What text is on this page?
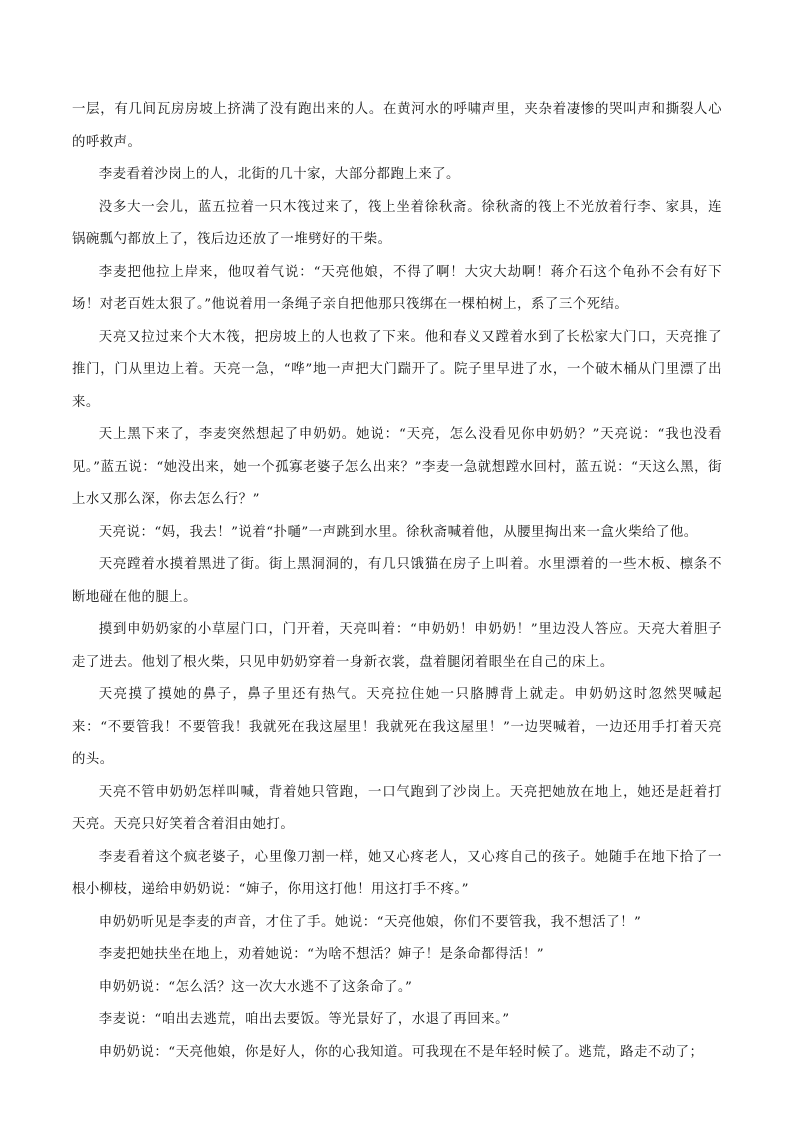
一层，有几间瓦房房坡上挤满了没有跑出来的人。在黄河水的呼啸声里，夹杂着凄惨的哭叫声和撕裂人心的呼救声。

李麦看着沙岗上的人，北街的几十家，大部分都跑上来了。

没多大一会儿，蓝五拉着一只木筏过来了，筏上坐着徐秋斋。徐秋斋的筏上不光放着行李、家具，连锅碗瓢勺都放上了，筏后边还放了一堆劈好的干柴。

李麦把他拉上岸来，他叹着气说：“天亮他娘，不得了啊！大灾大劫啊！蒋介石这个龟孙不会有好下场！对老百姓太狠了。”他说着用一条绳子亲自把他那只筏绑在一棵柏树上，系了三个死结。

天亮又拉过来个大木筏，把房坡上的人也救了下来。他和春义又蹚着水到了长松家大门口，天亮推了推门，门从里边上着。天亮一急，“哗”地一声把大门踹开了。院子里早进了水，一个破木桶从门里漂了出来。

天上黑下来了，李麦突然想起了申奶奶。她说：“天亮，怎么没看见你申奶奶？”天亮说：“我也没看见。”蓝五说：“她没出来，她一个孤寡老婆子怎么出来？”李麦一急就想蹚水回村，蓝五说：“天这么黑，街上水又那么深，你去怎么行？”

天亮说：“妈，我去！”说着“扑嗵”一声跳到水里。徐秋斋喊着他，从腰里掏出来一盒火柴给了他。

天亮蹚着水摸着黑进了街。街上黑洞洞的，有几只饿猫在房子上叫着。水里漂着的一些木板、檩条不断地碰在他的腿上。

摸到申奶奶家的小草屋门口，门开着，天亮叫着：“申奶奶！申奶奶！”里边没人答应。天亮大着胆子走了进去。他划了根火柴，只见申奶奶穿着一身新衣裳，盘着腿闭着眼坐在自己的床上。

天亮摸了摸她的鼻子，鼻子里还有热气。天亮拉住她一只胳膊背上就走。申奶奶这时忽然哭喊起来：“不要管我！不要管我！我就死在我这屋里！我就死在我这屋里！”一边哭喊着，一边还用手打着天亮的头。

天亮不管申奶奶怎样叫喊，背着她只管跑，一口气跑到了沙岗上。天亮把她放在地上，她还是赶着打天亮。天亮只好笑着含着泪由她打。

李麦看着这个疯老婆子，心里像刀割一样，她又心疼老人，又心疼自己的孩子。她随手在地下拾了一根小柳枝，递给申奶奶说：“婶子，你用这打他！用这打手不疼。”

申奶奶听见是李麦的声音，才住了手。她说：“天亮他娘，你们不要管我，我不想活了！”

李麦把她扶坐在地上，劝着她说：“为啥不想活？婶子！是条命都得活！”

申奶奶说：“怎么活？这一次大水逃不了这条命了。”

李麦说：“咱出去逃荒，咱出去要饭。等光景好了，水退了再回来。”

申奶奶说：“天亮他娘，你是好人，你的心我知道。可我现在不是年轻时候了。逃荒，路走不动了；
